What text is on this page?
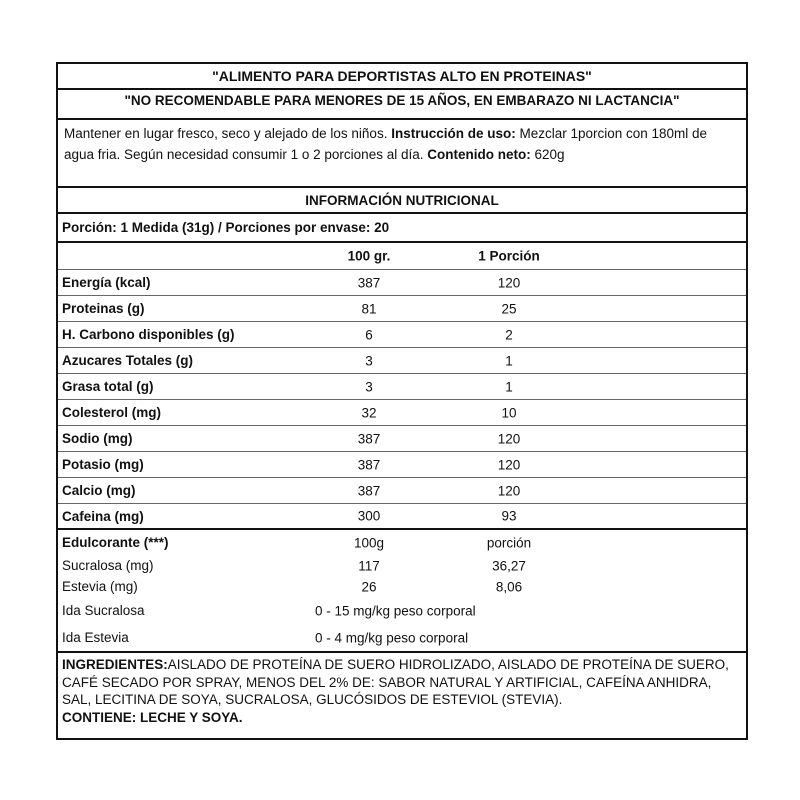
"ALIMENTO PARA DEPORTISTAS ALTO EN PROTEINAS"
"NO RECOMENDABLE PARA MENORES DE 15 AÑOS, EN EMBARAZO NI LACTANCIA"
Mantener en lugar fresco, seco y alejado de los niños. Instrucción de uso: Mezclar 1porcion con 180ml de agua fria. Según necesidad consumir 1 o 2 porciones al día. Contenido neto: 620g
INFORMACIÓN NUTRICIONAL
Porción: 1 Medida (31g) / Porciones por envase: 20
100 gr.	1 Porción
Energía (kcal)	387	120
Proteinas (g)	81	25
H. Carbono disponibles (g)	6	2
Azucares Totales (g)	3	1
Grasa total (g)	3	1
Colesterol (mg)	32	10
Sodio (mg)	387	120
Potasio (mg)	387	120
Calcio (mg)	387	120
Cafeina (mg)	300	93
Edulcorante (***)	100g	porción
Sucralosa (mg)	117	36,27
Estevia (mg)	26	8,06
Ida Sucralosa	0 - 15 mg/kg peso corporal
Ida Estevia	0 - 4 mg/kg peso corporal
INGREDIENTES:AISLADO DE PROTEÍNA DE SUERO HIDROLIZADO, AISLADO DE PROTEÍNA DE SUERO, CAFÉ SECADO POR SPRAY, MENOS DEL 2% DE: SABOR NATURAL Y ARTIFICIAL, CAFEÍNA ANHIDRA, SAL, LECITINA DE SOYA, SUCRALOSA, GLUCÓSIDOS DE ESTEVIOL (STEVIA).
CONTIENE: LECHE Y SOYA.
